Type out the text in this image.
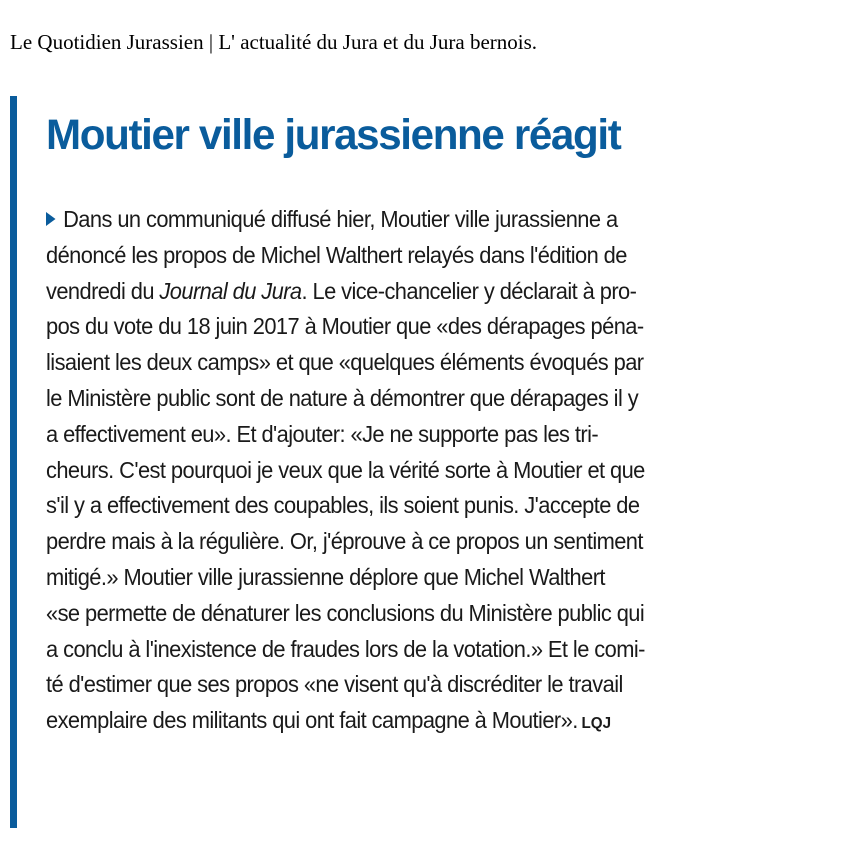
Le Quotidien Jurassien | L' actualité du Jura et du Jura bernois.
Moutier ville jurassienne réagit
Dans un communiqué diffusé hier, Moutier ville jurassienne a
dénoncé les propos de Michel Walthert relayés dans l'édition de
vendredi du Journal du Jura. Le vice-chancelier y déclarait à pro-
pos du vote du 18 juin 2017 à Moutier que «des dérapages péna-
lisaient les deux camps» et que «quelques éléments évoqués par
le Ministère public sont de nature à démontrer que dérapages il y
a effectivement eu». Et d'ajouter: «Je ne supporte pas les tri-
cheurs. C'est pourquoi je veux que la vérité sorte à Moutier et que
s'il y a effectivement des coupables, ils soient punis. J'accepte de
perdre mais à la régulière. Or, j'éprouve à ce propos un sentiment
mitigé.» Moutier ville jurassienne déplore que Michel Walthert
«se permette de dénaturer les conclusions du Ministère public qui
a conclu à l'inexistence de fraudes lors de la votation.» Et le comi-
té d'estimer que ses propos «ne visent qu'à discréditer le travail
exemplaire des militants qui ont fait campagne à Moutier». LQJ
